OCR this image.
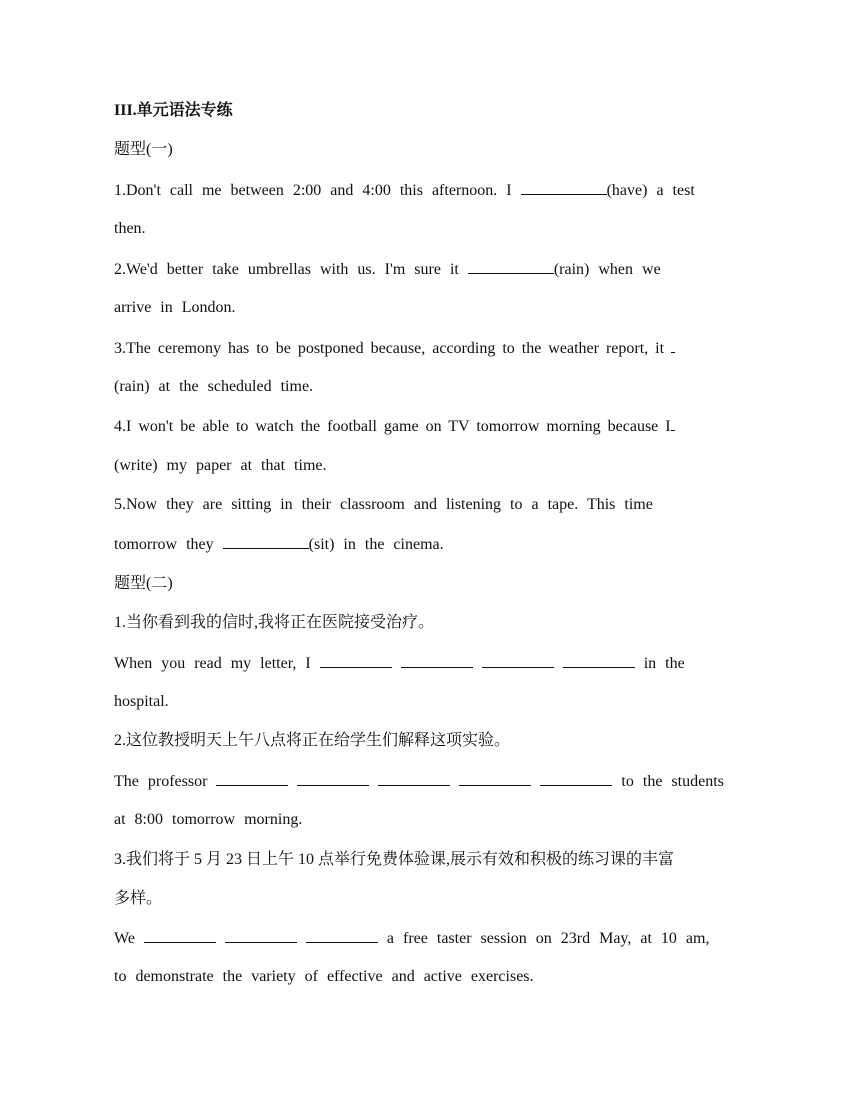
III.单元语法专练
题型(一)
1.Don't call me between 2:00 and 4:00 this afternoon. I	(have) a test
then.
2.We'd better take umbrellas with us. I'm sure it	(rain) when we
arrive in London.
3.The ceremony has to be postponed because, according to the weather report, it
(rain) at the scheduled time.
4.I won't be able to watch the football game on TV tomorrow morning because I
(write) my paper at that time.
5.Now they are sitting in their classroom and listening to a tape. This time
tomorrow they	(sit) in the cinema.
题型(二)
1.当你看到我的信时,我将正在医院接受治疗。
When you read my letter, I	in the
hospital.
2.这位教授明天上午八点将正在给学生们解释这项实验。
The professor	to the students
at 8:00 tomorrow morning.
3.我们将于 5 月 23 日上午 10 点举行免费体验课,展示有效和积极的练习课的丰富
多样。
We	a free taster session on 23rd May, at 10 am,
to demonstrate the variety of effective and active exercises.
